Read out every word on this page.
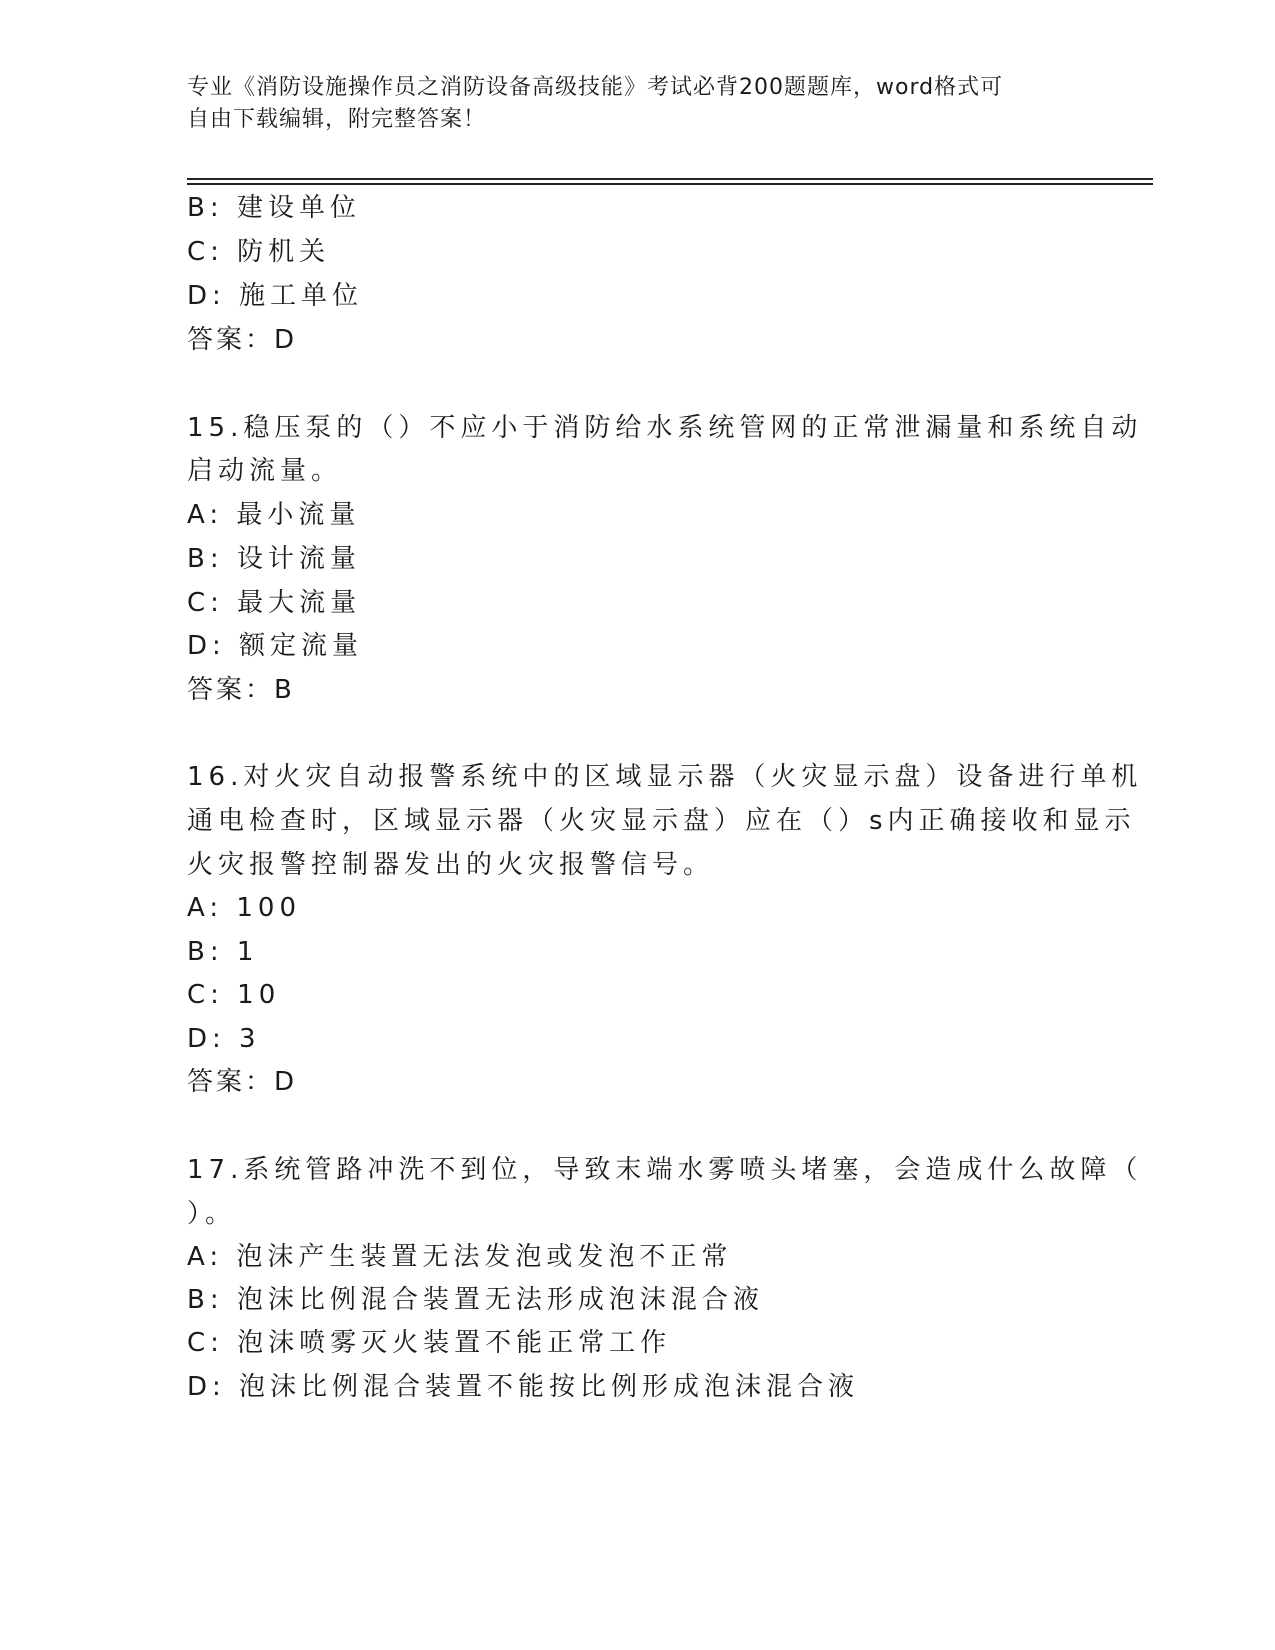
专业《消防设施操作员之消防设备高级技能》考试必背200题题库，word格式可
自由下载编辑，附完整答案！
B: 建设单位
C: 防机关
D: 施工单位
答案：D
15.稳压泵的（）不应小于消防给水系统管网的正常泄漏量和系统自动
启动流量。
A: 最小流量
B: 设计流量
C: 最大流量
D: 额定流量
答案：B
16.对火灾自动报警系统中的区域显示器（火灾显示盘）设备进行单机
通电检查时，区域显示器（火灾显示盘）应在（）s内正确接收和显示
火灾报警控制器发出的火灾报警信号。
A: 100
B: 1
C: 10
D: 3
答案：D
17.系统管路冲洗不到位，导致末端水雾喷头堵塞，会造成什么故障（
）。
A: 泡沫产生装置无法发泡或发泡不正常
B: 泡沫比例混合装置无法形成泡沫混合液
C: 泡沫喷雾灭火装置不能正常工作
D: 泡沫比例混合装置不能按比例形成泡沫混合液
